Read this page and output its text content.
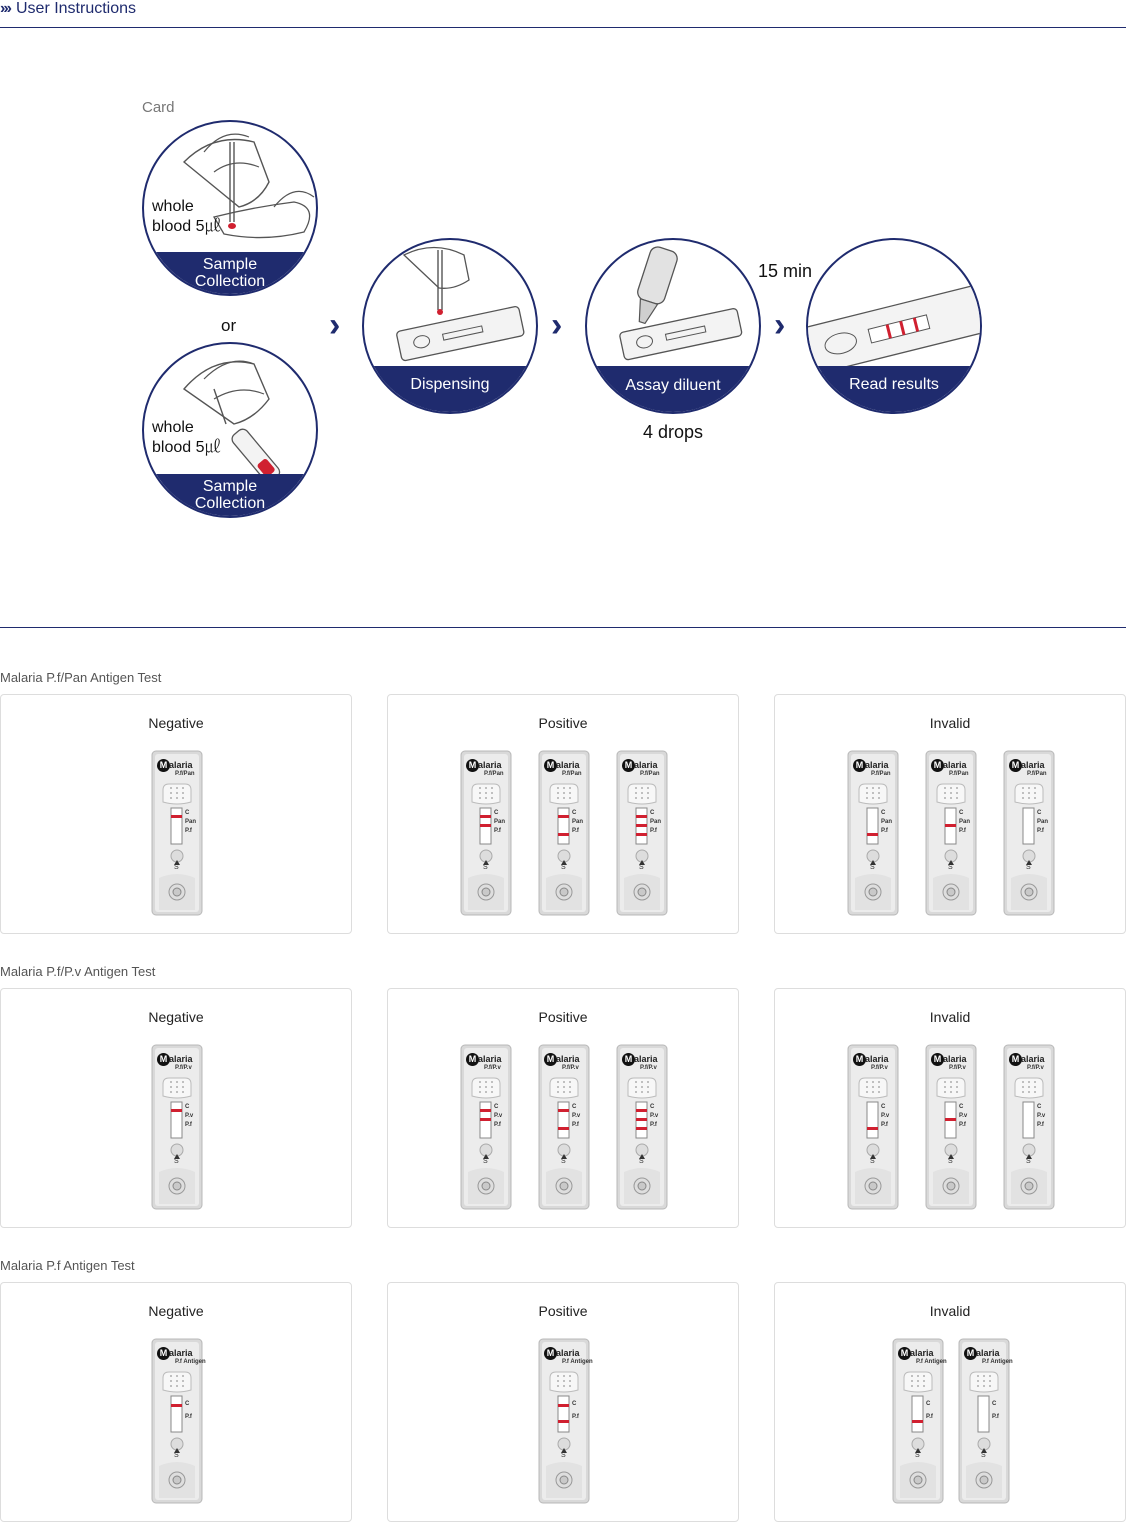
››› User Instructions
Card
whole
blood 5㎕
Sample
Collection
or
whole
blood 5㎕
Sample
Collection
›
Dispensing
›
Assay diluent
4 drops
›
15 min
Read results
Malaria P.f/Pan Antigen Test
Negative
M alaria
P.f/Pan
C
Pan
P.f
S
Positive
M alaria
P.f/Pan
C
Pan
P.f
S
M alaria
P.f/Pan
C
Pan
P.f
S
M alaria
P.f/Pan
C
Pan
P.f
S
Invalid
M alaria
P.f/Pan
C
Pan
P.f
S
M alaria
P.f/Pan
C
Pan
P.f
S
M alaria
P.f/Pan
C
Pan
P.f
S
Malaria P.f/P.v Antigen Test
Negative
M alaria
P.f/P.v
C
P.v
P.f
S
Positive
M alaria
P.f/P.v
C
P.v
P.f
S
M alaria
P.f/P.v
C
P.v
P.f
S
M alaria
P.f/P.v
C
P.v
P.f
S
Invalid
M alaria
P.f/P.v
C
P.v
P.f
S
M alaria
P.f/P.v
C
P.v
P.f
S
M alaria
P.f/P.v
C
P.v
P.f
S
Malaria P.f Antigen Test
Negative
M alaria
P.f Antigen
C
P.f
S
Positive
M alaria
P.f Antigen
C
P.f
S
Invalid
M alaria
P.f Antigen
C
P.f
S
M alaria
P.f Antigen
C
P.f
S
